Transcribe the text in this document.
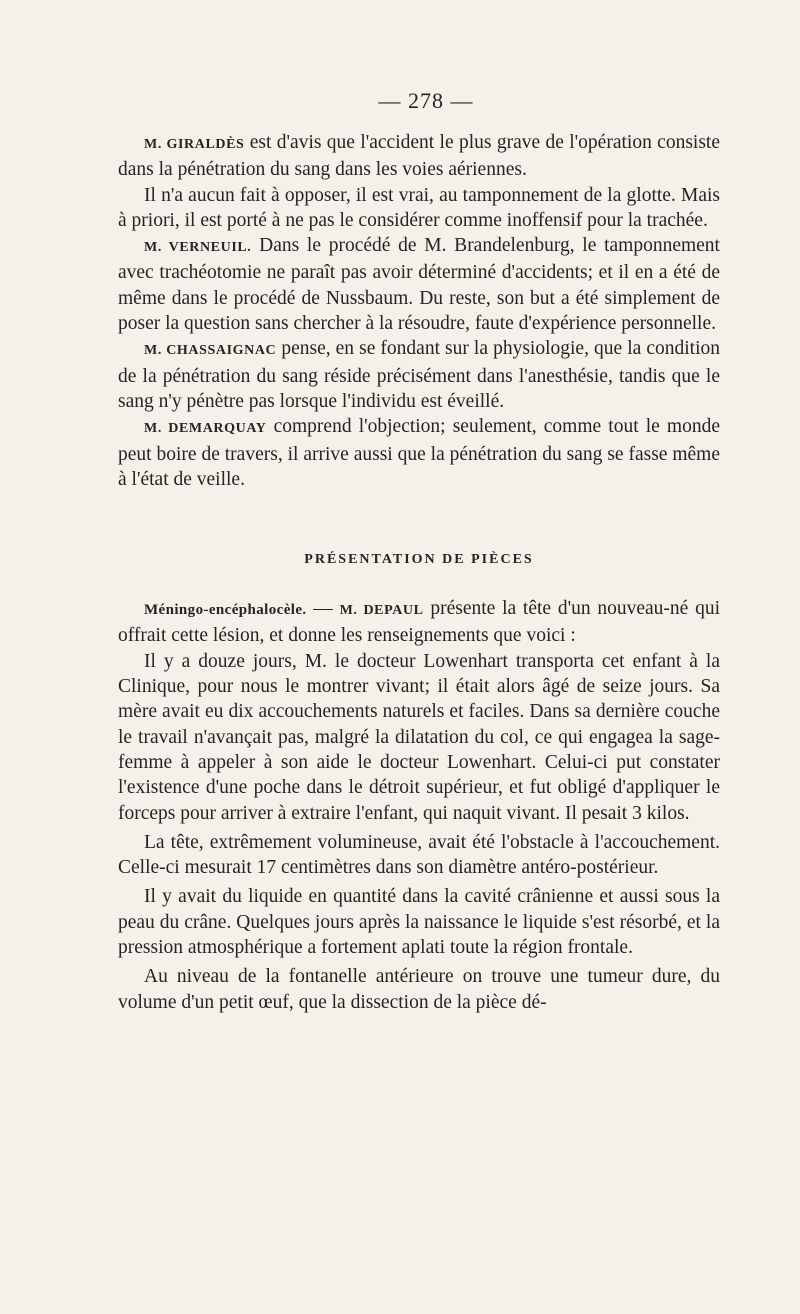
— 278 —

M. GIRALDÈS est d'avis que l'accident le plus grave de l'opération consiste dans la pénétration du sang dans les voies aériennes.

Il n'a aucun fait à opposer, il est vrai, au tamponnement de la glotte. Mais à priori, il est porté à ne pas le considérer comme inoffensif pour la trachée.

M. VERNEUIL. Dans le procédé de M. Brandelenburg, le tamponnement avec trachéotomie ne paraît pas avoir déterminé d'accidents; et il en a été de même dans le procédé de Nussbaum. Du reste, son but a été simplement de poser la question sans chercher à la résoudre, faute d'expérience personnelle.

M. CHASSAIGNAC pense, en se fondant sur la physiologie, que la condition de la pénétration du sang réside précisément dans l'anesthésie, tandis que le sang n'y pénètre pas lorsque l'individu est éveillé.

M. DEMARQUAY comprend l'objection; seulement, comme tout le monde peut boire de travers, il arrive aussi que la pénétration du sang se fasse même à l'état de veille.

PRÉSENTATION DE PIÈCES

Méningo-encéphalocèle. — M. DEPAUL présente la tête d'un nouveau-né qui offrait cette lésion, et donne les renseignements que voici :

Il y a douze jours, M. le docteur Lowenhart transporta cet enfant à la Clinique, pour nous le montrer vivant; il était alors âgé de seize jours. Sa mère avait eu dix accouchements naturels et faciles. Dans sa dernière couche le travail n'avançait pas, malgré la dilatation du col, ce qui engagea la sage-femme à appeler à son aide le docteur Lowenhart. Celui-ci put constater l'existence d'une poche dans le détroit supérieur, et fut obligé d'appliquer le forceps pour arriver à extraire l'enfant, qui naquit vivant. Il pesait 3 kilos.

La tête, extrêmement volumineuse, avait été l'obstacle à l'accouchement. Celle-ci mesurait 17 centimètres dans son diamètre antéro-postérieur.

Il y avait du liquide en quantité dans la cavité crânienne et aussi sous la peau du crâne. Quelques jours après la naissance le liquide s'est résorbé, et la pression atmosphérique a fortement aplati toute la région frontale.

Au niveau de la fontanelle antérieure on trouve une tumeur dure, du volume d'un petit œuf, que la dissection de la pièce dé-
